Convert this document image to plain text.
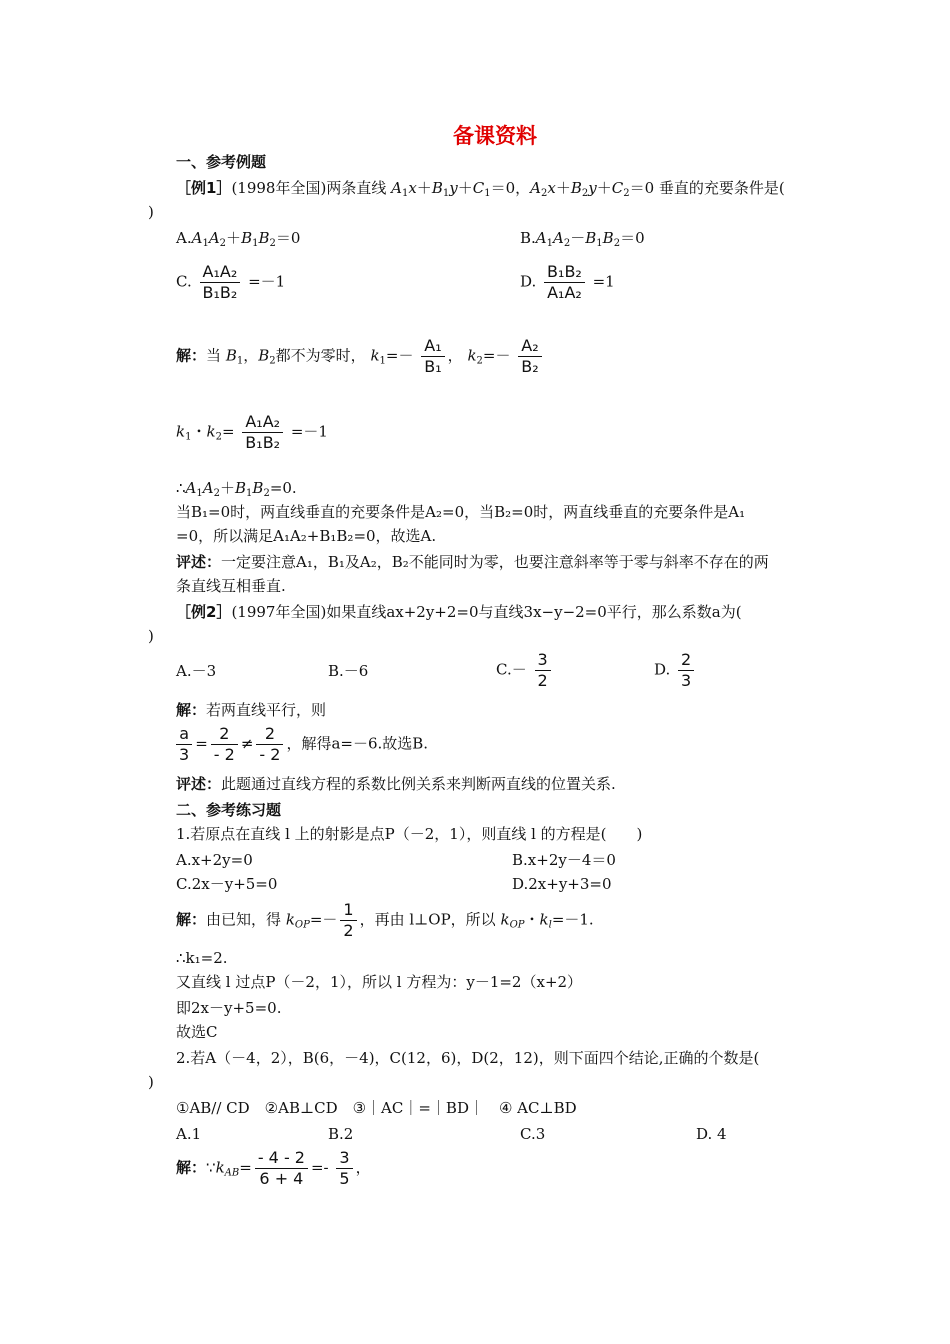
备课资料
一、参考例题
［例1］(1998年全国)两条直线 $A_1x+B_1y+C_1=0$，$A_2x+B_2y+C_2=0$ 垂直的充要条件是(
)
$A.A_1A_2+B_1B_2=0$	$B.A_1A_2-B_1B_2=0$
C. $\frac{\text{A₁A₂}}{\text{B₁B₂}} =-1$	D. $\frac{\text{B₁B₂}}{\text{A₁A₂}} =1$
解：当 $B_1$，$B_2$都不为零时， $k_1=- \frac{\text{A₁}}{\text{B₁}}$ ， $k_2=- \frac{\text{A₂}}{\text{B₂}}$
$k_1$・$k_2= \frac{\text{A₁A₂}}{\text{B₁B₂}} =-1$
$\therefore A_1A_2+B_1B_2=0$.
当B₁=0时，两直线垂直的充要条件是A₂=0，当B₂=0时，两直线垂直的充要条件是A₁
=0，所以满足A₁A₂+B₁B₂=0，故选A.
评述：一定要注意A₁，B₁及A₂，B₂不能同时为零，也要注意斜率等于零与斜率不存在的两
条直线互相垂直.
［例2］(1997年全国)如果直线ax+2y+2=0与直线3x−y−2=0平行，那么系数a为(
)
A.－3	B.－6	$C.- \frac{3}{2}$	D. $\frac{2}{3}$
解：若两直线平行，则
$\frac{a}{3} = \frac{2}{- 2} \ne \frac{2}{- 2}$ ，解得a=－6.故选B.
评述：此题通过直线方程的系数比例关系来判断两直线的位置关系.
二、参考练习题
1.若原点在直线 l 上的射影是点P（－2，1），则直线 l 的方程是(　　)
A.x+2y=0	B.x+2y－4＝0
C.2x－y+5=0	D.2x+y+3=0
解：由已知，得 $k_{OP}=- \frac{1}{2}$ ，再由 l⊥OP，所以 $k_{OP}$・$k_l=-1$.
∴k₁=2.
又直线 l 过点P（－2，1），所以 l 方程为：y－1=2（x+2）
即2x－y+5=0.
故选C
2.若A（－4，2），B(6，－4)，C(12，6)，D(2，12)，则下面四个结论,正确的个数是(
)
①AB// CD　②AB⊥CD　③｜AC｜=｜BD｜　④ AC⊥BD
A.1	B.2	C.3	D. 4
解：$\because k_{AB}= \frac{- 4 - 2}{6 + 4} =- \frac{3}{5}$ ，
